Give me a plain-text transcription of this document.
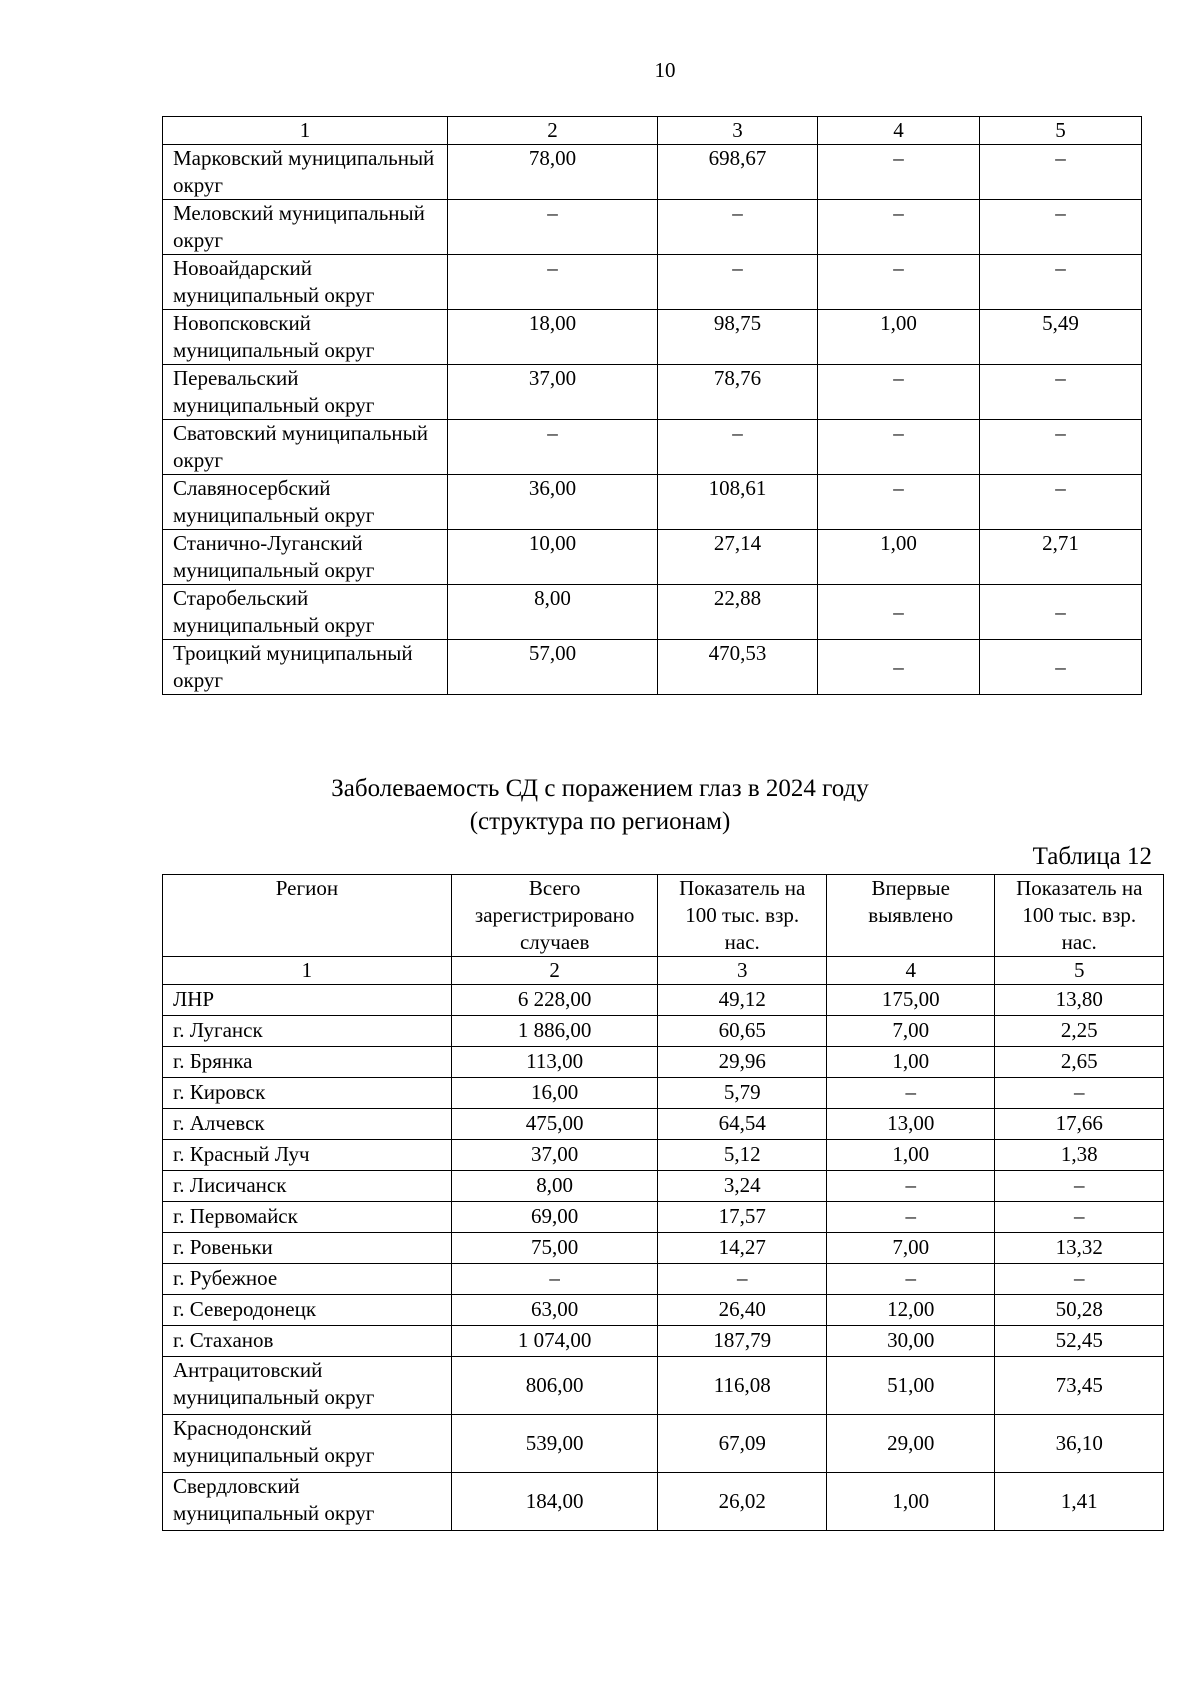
10
1	2	3	4	5
Марковский муниципальный округ	78,00	698,67	–	–
Меловский муниципальный округ	–	–	–	–
Новоайдарский муниципальный округ	–	–	–	–
Новопсковский муниципальный округ	18,00	98,75	1,00	5,49
Перевальский муниципальный округ	37,00	78,76	–	–
Сватовский муниципальный округ	–	–	–	–
Славяносербский муниципальный округ	36,00	108,61	–	–
Станично-Луганский муниципальный округ	10,00	27,14	1,00	2,71
Старобельский муниципальный округ	8,00	22,88	–	–
Троицкий муниципальный округ	57,00	470,53	–	–
Заболеваемость СД с поражением глаз в 2024 году
(структура по регионам)
Таблица 12
Регион	Всего зарегистрировано случаев	Показатель на 100 тыс. взр. нас.	Впервые выявлено	Показатель на 100 тыс. взр. нас.
1	2	3	4	5
ЛНР	6 228,00	49,12	175,00	13,80
г. Луганск	1 886,00	60,65	7,00	2,25
г. Брянка	113,00	29,96	1,00	2,65
г. Кировск	16,00	5,79	–	–
г. Алчевск	475,00	64,54	13,00	17,66
г. Красный Луч	37,00	5,12	1,00	1,38
г. Лисичанск	8,00	3,24	–	–
г. Первомайск	69,00	17,57	–	–
г. Ровеньки	75,00	14,27	7,00	13,32
г. Рубежное	–	–	–	–
г. Северодонецк	63,00	26,40	12,00	50,28
г. Стаханов	1 074,00	187,79	30,00	52,45
Антрацитовский муниципальный округ	806,00	116,08	51,00	73,45
Краснодонский муниципальный округ	539,00	67,09	29,00	36,10
Свердловский муниципальный округ	184,00	26,02	1,00	1,41
